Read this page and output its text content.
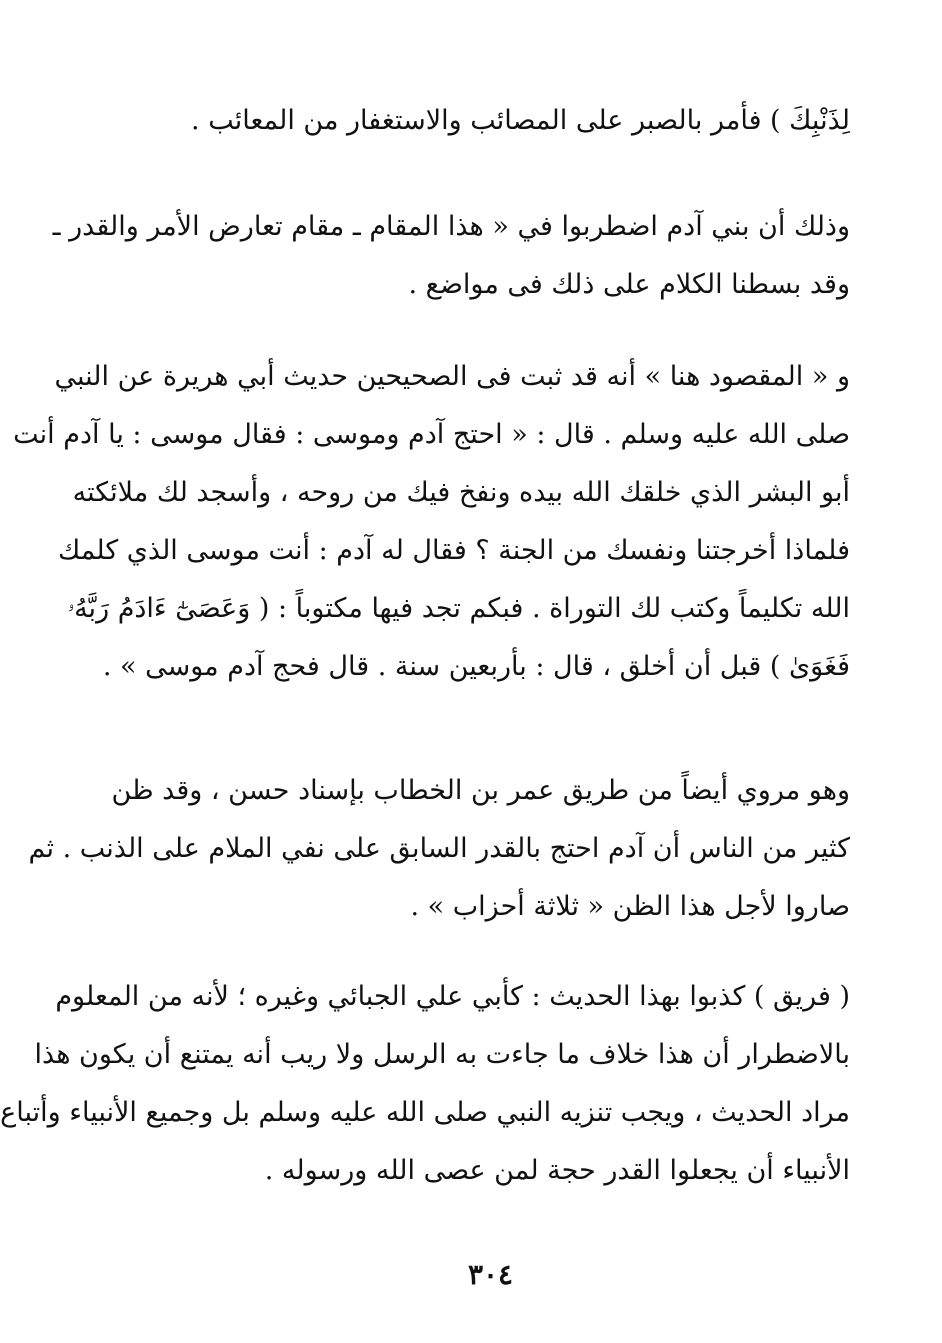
لِذَنْبِكَ ) فأمر بالصبر على المصائب والاستغفار من المعائب .
وذلك أن بني آدم اضطربوا في « هذا المقام ـ مقام تعارض الأمر والقدر ـ
وقد بسطنا الكلام على ذلك فى مواضع .
و « المقصود هنا » أنه قد ثبت فى الصحيحين حديث أبي هريرة عن النبي
صلى الله عليه وسلم . قال : « احتج آدم وموسى : فقال موسى : يا آدم أنت
أبو البشر الذي خلقك الله بيده ونفخ فيك من روحه ، وأسجد لك ملائكته
فلماذا أخرجتنا ونفسك من الجنة ؟ فقال له آدم : أنت موسى الذي كلمك
الله تكليماً وكتب لك التوراة . فبكم تجد فيها مكتوباً : ( وَعَصَىٰٓ ءَادَمُ رَبَّهُۥ
فَغَوَىٰ ) قبل أن أخلق ، قال : بأربعين سنة . قال فحج آدم موسى » .
وهو مروي أيضاً من طريق عمر بن الخطاب بإسناد حسن ، وقد ظن
كثير من الناس أن آدم احتج بالقدر السابق على نفي الملام على الذنب . ثم
صاروا لأجل هذا الظن « ثلاثة أحزاب » .
( فريق ) كذبوا بهذا الحديث : كأبي علي الجبائي وغيره ؛ لأنه من المعلوم
بالاضطرار أن هذا خلاف ما جاءت به الرسل ولا ريب أنه يمتنع أن يكون هذا
مراد الحديث ، ويجب تنزيه النبي صلى الله عليه وسلم بل وجميع الأنبياء وأتباع
الأنبياء أن يجعلوا القدر حجة لمن عصى الله ورسوله .
٣٠٤
